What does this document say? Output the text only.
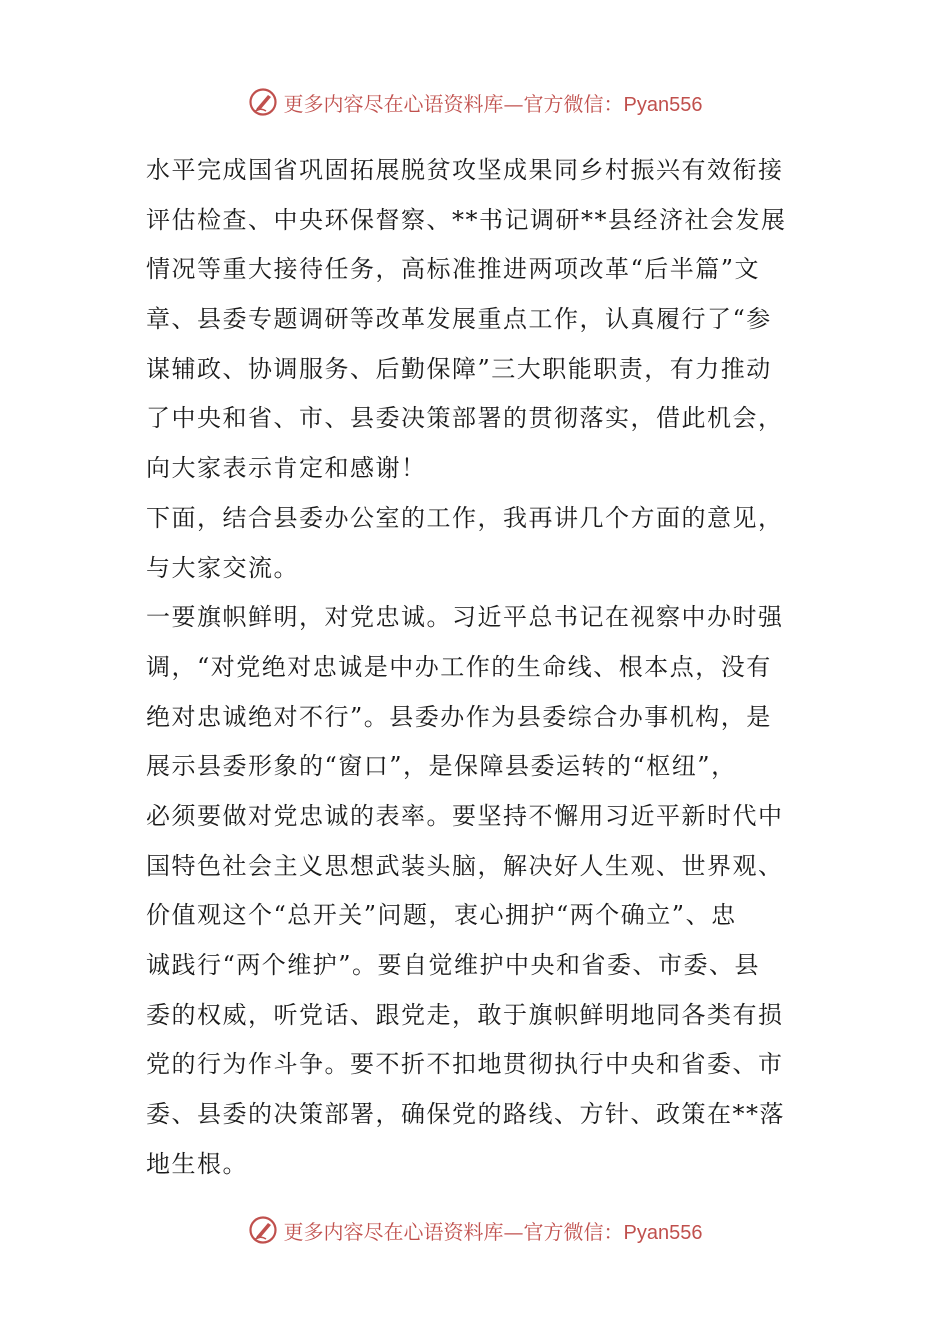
更多内容尽在心语资料库—官方微信：Pyan556
水平完成国省巩固拓展脱贫攻坚成果同乡村振兴有效衔接
评估检查、中央环保督察、**书记调研**县经济社会发展
情况等重大接待任务，高标准推进两项改革“后半篇”文
章、县委专题调研等改革发展重点工作，认真履行了“参
谋辅政、协调服务、后勤保障”三大职能职责，有力推动
了中央和省、市、县委决策部署的贯彻落实，借此机会，
向大家表示肯定和感谢！
下面，结合县委办公室的工作，我再讲几个方面的意见，
与大家交流。
一要旗帜鲜明，对党忠诚。习近平总书记在视察中办时强
调，“对党绝对忠诚是中办工作的生命线、根本点，没有
绝对忠诚绝对不行”。县委办作为县委综合办事机构，是
展示县委形象的“窗口”，是保障县委运转的“枢纽”，
必须要做对党忠诚的表率。要坚持不懈用习近平新时代中
国特色社会主义思想武装头脑，解决好人生观、世界观、
价值观这个“总开关”问题，衷心拥护“两个确立”、忠
诚践行“两个维护”。要自觉维护中央和省委、市委、县
委的权威，听党话、跟党走，敢于旗帜鲜明地同各类有损
党的行为作斗争。要不折不扣地贯彻执行中央和省委、市
委、县委的决策部署，确保党的路线、方针、政策在**落
地生根。
更多内容尽在心语资料库—官方微信：Pyan556
